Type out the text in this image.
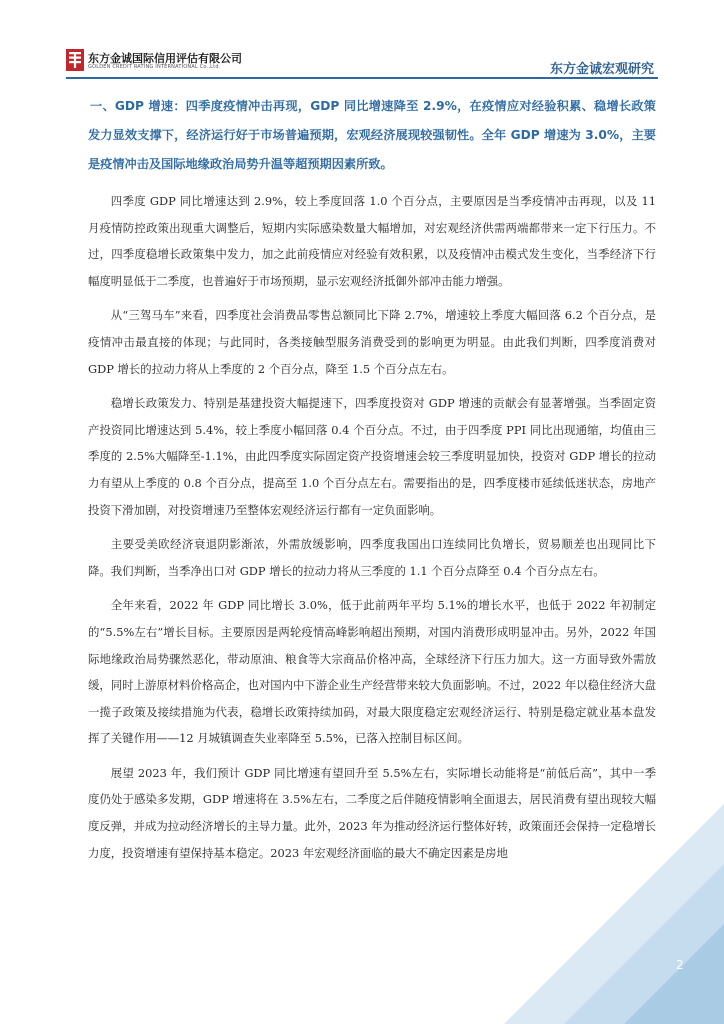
东方金诚国际信用评估有限公司
GOLDEN CREDIT RATING INTERNATIONAL Co.,Ltd.	东方金诚宏观研究

一、GDP 增速：四季度疫情冲击再现，GDP 同比增速降至 2.9%，在疫情应对经验积累、稳增长政策发力显效支撑下，经济运行好于市场普遍预期，宏观经济展现较强韧性。全年 GDP 增速为 3.0%，主要是疫情冲击及国际地缘政治局势升温等超预期因素所致。

四季度 GDP 同比增速达到 2.9%，较上季度回落 1.0 个百分点，主要原因是当季疫情冲击再现，以及 11 月疫情防控政策出现重大调整后，短期内实际感染数量大幅增加，对宏观经济供需两端都带来一定下行压力。不过，四季度稳增长政策集中发力，加之此前疫情应对经验有效积累，以及疫情冲击模式发生变化，当季经济下行幅度明显低于二季度，也普遍好于市场预期，显示宏观经济抵御外部冲击能力增强。

从“三驾马车”来看，四季度社会消费品零售总额同比下降 2.7%，增速较上季度大幅回落 6.2 个百分点，是疫情冲击最直接的体现；与此同时，各类接触型服务消费受到的影响更为明显。由此我们判断，四季度消费对 GDP 增长的拉动力将从上季度的 2 个百分点，降至 1.5 个百分点左右。

稳增长政策发力、特别是基建投资大幅提速下，四季度投资对 GDP 增速的贡献会有显著增强。当季固定资产投资同比增速达到 5.4%，较上季度小幅回落 0.4 个百分点。不过，由于四季度 PPI 同比出现通缩，均值由三季度的 2.5%大幅降至-1.1%，由此四季度实际固定资产投资增速会较三季度明显加快，投资对 GDP 增长的拉动力有望从上季度的 0.8 个百分点，提高至 1.0 个百分点左右。需要指出的是，四季度楼市延续低迷状态，房地产投资下滑加剧，对投资增速乃至整体宏观经济运行都有一定负面影响。

主要受美欧经济衰退阴影渐浓，外需放缓影响，四季度我国出口连续同比负增长，贸易顺差也出现同比下降。我们判断，当季净出口对 GDP 增长的拉动力将从三季度的 1.1 个百分点降至 0.4 个百分点左右。

全年来看，2022 年 GDP 同比增长 3.0%，低于此前两年平均 5.1%的增长水平，也低于 2022 年初制定的“5.5%左右”增长目标。主要原因是两轮疫情高峰影响超出预期，对国内消费形成明显冲击。另外，2022 年国际地缘政治局势骤然恶化，带动原油、粮食等大宗商品价格冲高，全球经济下行压力加大。这一方面导致外需放缓，同时上游原材料价格高企，也对国内中下游企业生产经营带来较大负面影响。不过，2022 年以稳住经济大盘一揽子政策及接续措施为代表，稳增长政策持续加码，对最大限度稳定宏观经济运行、特别是稳定就业基本盘发挥了关键作用——12 月城镇调查失业率降至 5.5%，已落入控制目标区间。

展望 2023 年，我们预计 GDP 同比增速有望回升至 5.5%左右，实际增长动能将是“前低后高”，其中一季度仍处于感染多发期，GDP 增速将在 3.5%左右，二季度之后伴随疫情影响全面退去，居民消费有望出现较大幅度反弹，并成为拉动经济增长的主导力量。此外，2023 年为推动经济运行整体好转，政策面还会保持一定稳增长力度，投资增速有望保持基本稳定。2023 年宏观经济面临的最大不确定因素是房地

2
